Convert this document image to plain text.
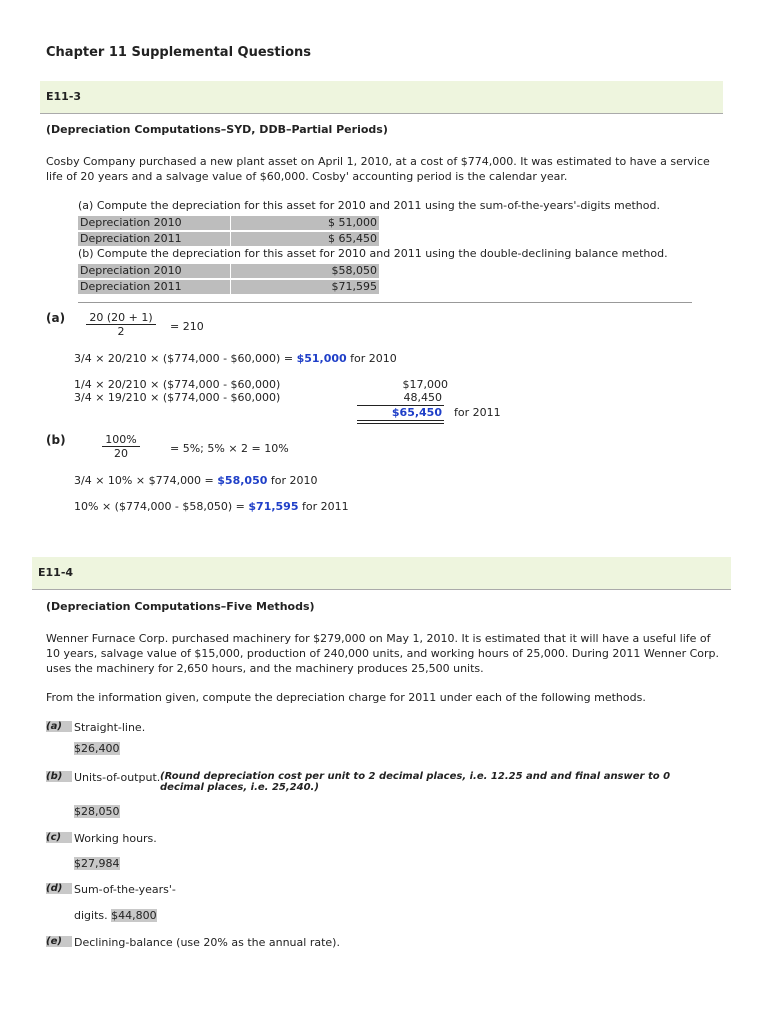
Chapter 11 Supplemental Questions
E11-3
(Depreciation Computations–SYD, DDB–Partial Periods)
Cosby Company purchased a new plant asset on April 1, 2010, at a cost of $774,000. It was estimated to have a service life of 20 years and a salvage value of $60,000. Cosby' accounting period is the calendar year.
(a) Compute the depreciation for this asset for 2010 and 2011 using the sum-of-the-years'-digits method.
Depreciation 2010	$ 51,000
Depreciation 2011	$ 65,450
(b) Compute the depreciation for this asset for 2010 and 2011 using the double-declining balance method.
Depreciation 2010	$58,050
Depreciation 2011	$71,595
$(a) \frac{20 (20 + 1)}{2} = 210$
3/4 × 20/210 × ($774,000 - $60,000) = $51,000 for 2010
1/4 × 20/210 × ($774,000 - $60,000)	$17,000
3/4 × 19/210 × ($774,000 - $60,000)	48,450
$65,450 for 2011
(b)	$\frac{100\%}{20} = 5\%$; 5% × 2 = 10%
3/4 × 10% × $774,000 = $58,050 for 2010
10% × ($774,000 - $58,050) = $71,595 for 2011
E11-4
(Depreciation Computations–Five Methods)
Wenner Furnace Corp. purchased machinery for $279,000 on May 1, 2010. It is estimated that it will have a useful life of 10 years, salvage value of $15,000, production of 240,000 units, and working hours of 25,000. During 2011 Wenner Corp. uses the machinery for 2,650 hours, and the machinery produces 25,500 units.
From the information given, compute the depreciation charge for 2011 under each of the following methods.
(a)	Straight-line.
$26,400
(b)	Units-of-output. (Round depreciation cost per unit to 2 decimal places, i.e. 12.25 and and final answer to 0 decimal places, i.e. 25,240.)
$28,050
(c)	Working hours.
$27,984
(d)	Sum-of-the-years'-
digits. $44,800
(e)	Declining-balance (use 20% as the annual rate).
